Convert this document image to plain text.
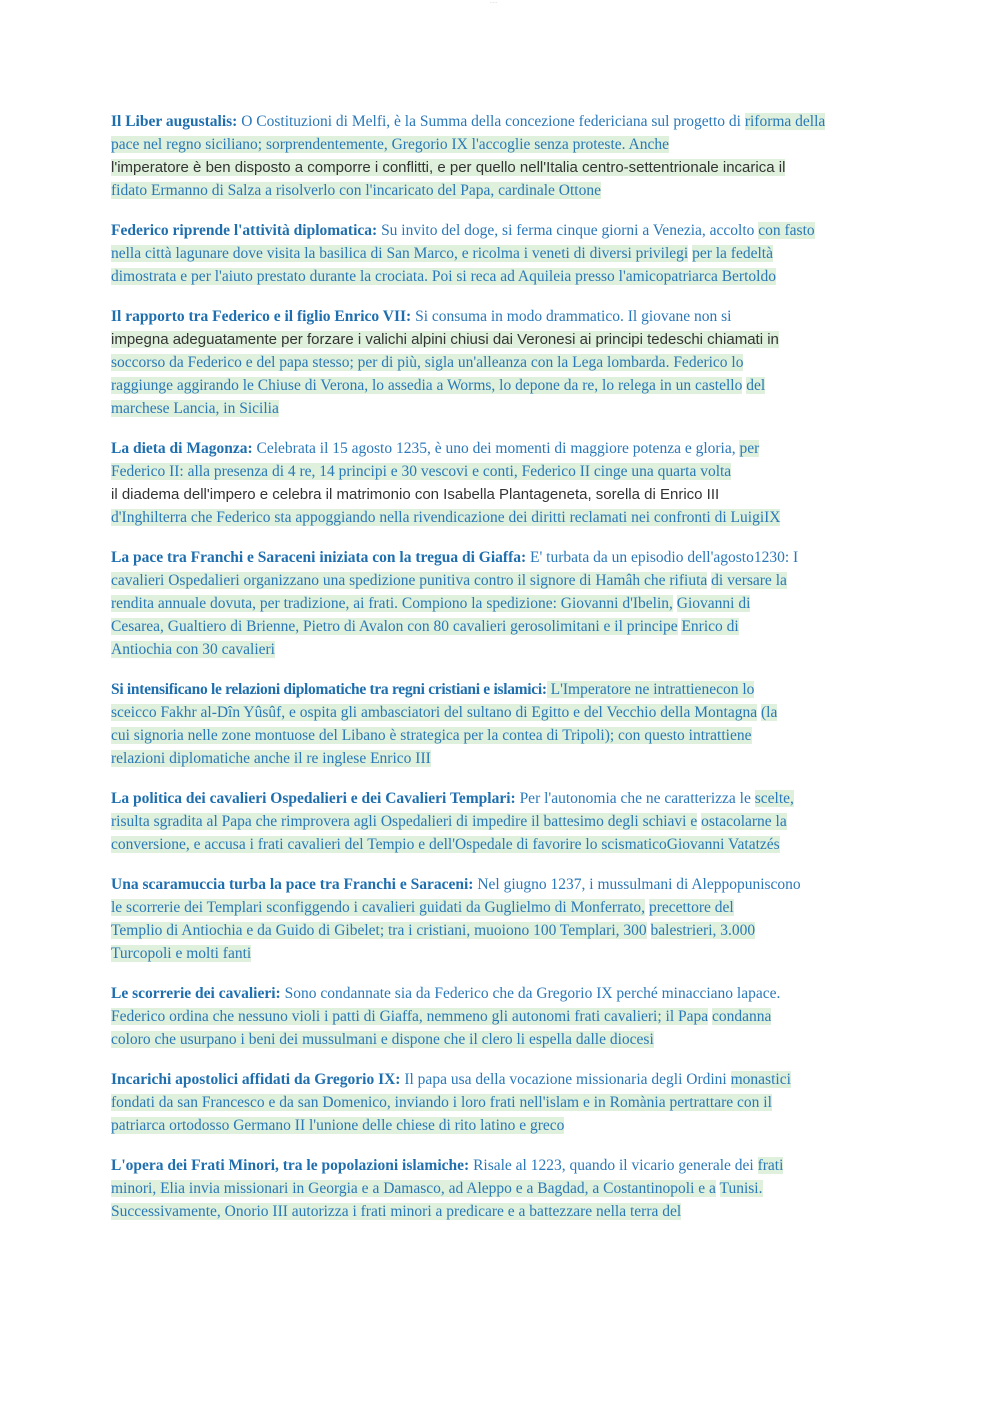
~·~·~
Il Liber augustalis: O Costituzioni di Melfi, è la Summa della concezione federiciana sul progetto di riforma della
pace nel regno siciliano; sorprendentemente, Gregorio IX l'accoglie senza proteste. Anche
l'imperatore è ben disposto a comporre i conflitti, e per quello nell'Italia centro-settentrionale incarica il
fidato Ermanno di Salza a risolverlo con l'incaricato del Papa, cardinale Ottone
Federico riprende l'attività diplomatica: Su invito del doge, si ferma cinque giorni a Venezia, accolto con fasto
nella città lagunare dove visita la basilica di San Marco, e ricolma i veneti di diversi privilegi per la fedeltà
dimostrata e per l'aiuto prestato durante la crociata. Poi si reca ad Aquileia presso l'amicopatriarca Bertoldo
Il rapporto tra Federico e il figlio Enrico VII: Si consuma in modo drammatico. Il giovane non si
impegna adeguatamente per forzare i valichi alpini chiusi dai Veronesi ai principi tedeschi chiamati in
soccorso da Federico e del papa stesso; per di più, sigla un'alleanza con la Lega lombarda. Federico lo
raggiunge aggirando le Chiuse di Verona, lo assedia a Worms, lo depone da re, lo relega in un castello del
marchese Lancia, in Sicilia
La dieta di Magonza: Celebrata il 15 agosto 1235, è uno dei momenti di maggiore potenza e gloria, per
Federico II: alla presenza di 4 re, 14 principi e 30 vescovi e conti, Federico II cinge una quarta volta
il diadema dell'impero e celebra il matrimonio con Isabella Plantageneta, sorella di Enrico III
d'Inghilterra che Federico sta appoggiando nella rivendicazione dei diritti reclamati nei confronti di LuigiIX
La pace tra Franchi e Saraceni iniziata con la tregua di Giaffa: E' turbata da un episodio dell'agosto1230: I
cavalieri Ospedalieri organizzano una spedizione punitiva contro il signore di Hamâh che rifiuta di versare la
rendita annuale dovuta, per tradizione, ai frati. Compiono la spedizione: Giovanni d'Ibelin, Giovanni di
Cesarea, Gualtiero di Brienne, Pietro di Avalon con 80 cavalieri gerosolimitani e il principe Enrico di
Antiochia con 30 cavalieri
Si intensificano le relazioni diplomatiche tra regni cristiani e islamici: L'Imperatore ne intrattienecon lo
sceicco Fakhr al-Dîn Yûsûf, e ospita gli ambasciatori del sultano di Egitto e del Vecchio della Montagna (la
cui signoria nelle zone montuose del Libano è strategica per la contea di Tripoli); con questo intrattiene
relazioni diplomatiche anche il re inglese Enrico III
La politica dei cavalieri Ospedalieri e dei Cavalieri Templari: Per l'autonomia che ne caratterizza le scelte,
risulta sgradita al Papa che rimprovera agli Ospedalieri di impedire il battesimo degli schiavi e ostacolarne la
conversione, e accusa i frati cavalieri del Tempio e dell'Ospedale di favorire lo scismaticoGiovanni Vatatzés
Una scaramuccia turba la pace tra Franchi e Saraceni: Nel giugno 1237, i mussulmani di Aleppopuniscono
le scorrerie dei Templari sconfiggendo i cavalieri guidati da Guglielmo di Monferrato, precettore del
Templio di Antiochia e da Guido di Gibelet; tra i cristiani, muoiono 100 Templari, 300 balestrieri, 3.000
Turcopoli e molti fanti
Le scorrerie dei cavalieri: Sono condannate sia da Federico che da Gregorio IX perché minacciano lapace.
Federico ordina che nessuno violi i patti di Giaffa, nemmeno gli autonomi frati cavalieri; il Papa condanna
coloro che usurpano i beni dei mussulmani e dispone che il clero li espella dalle diocesi
Incarichi apostolici affidati da Gregorio IX: Il papa usa della vocazione missionaria degli Ordini monastici
fondati da san Francesco e da san Domenico, inviando i loro frati nell'islam e in Romània pertrattare con il
patriarca ortodosso Germano II l'unione delle chiese di rito latino e greco
L'opera dei Frati Minori, tra le popolazioni islamiche: Risale al 1223, quando il vicario generale dei frati
minori, Elia invia missionari in Georgia e a Damasco, ad Aleppo e a Bagdad, a Costantinopoli e a Tunisi.
Successivamente, Onorio III autorizza i frati minori a predicare e a battezzare nella terra del
